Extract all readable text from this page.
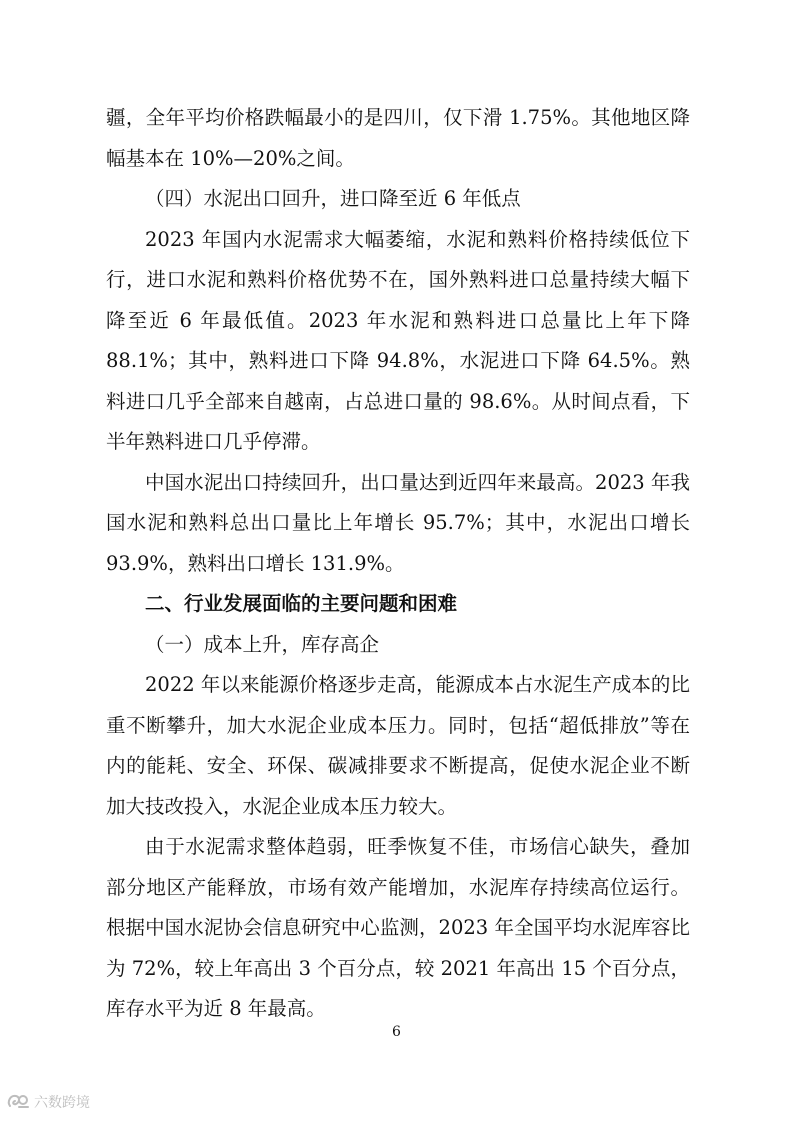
疆，全年平均价格跌幅最小的是四川，仅下滑 1.75%。其他地区降幅基本在 10%—20%之间。

（四）水泥出口回升，进口降至近 6 年低点

2023 年国内水泥需求大幅萎缩，水泥和熟料价格持续低位下行，进口水泥和熟料价格优势不在，国外熟料进口总量持续大幅下降至近 6 年最低值。2023 年水泥和熟料进口总量比上年下降 88.1%；其中，熟料进口下降 94.8%，水泥进口下降 64.5%。熟料进口几乎全部来自越南，占总进口量的 98.6%。从时间点看，下半年熟料进口几乎停滞。

中国水泥出口持续回升，出口量达到近四年来最高。2023 年我国水泥和熟料总出口量比上年增长 95.7%；其中，水泥出口增长 93.9%，熟料出口增长 131.9%。

二、行业发展面临的主要问题和困难

（一）成本上升，库存高企

2022 年以来能源价格逐步走高，能源成本占水泥生产成本的比重不断攀升，加大水泥企业成本压力。同时，包括“超低排放”等在内的能耗、安全、环保、碳减排要求不断提高，促使水泥企业不断加大技改投入，水泥企业成本压力较大。

由于水泥需求整体趋弱，旺季恢复不佳，市场信心缺失，叠加部分地区产能释放，市场有效产能增加，水泥库存持续高位运行。根据中国水泥协会信息研究中心监测，2023 年全国平均水泥库容比为 72%，较上年高出 3 个百分点，较 2021 年高出 15 个百分点，库存水平为近 8 年最高。

6
六数跨境
